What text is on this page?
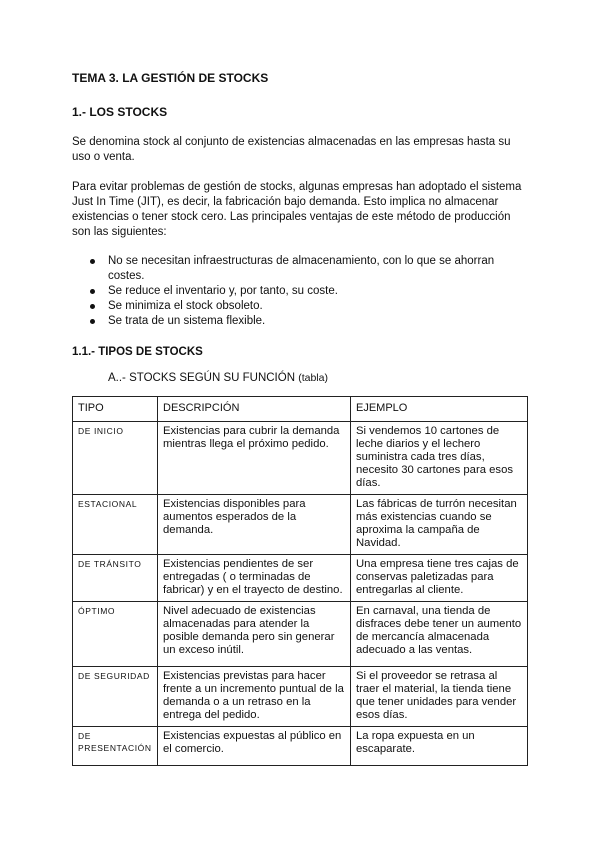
TEMA 3. LA GESTIÓN DE STOCKS
1.- LOS STOCKS

Se denomina stock al conjunto de existencias almacenadas en las empresas hasta su uso o venta.

Para evitar problemas de gestión de stocks, algunas empresas han adoptado el sistema Just In Time (JIT), es decir, la fabricación bajo demanda. Esto implica no almacenar existencias o tener stock cero. Las principales ventajas de este método de producción son las siguientes:

No se necesitan infraestructuras de almacenamiento, con lo que se ahorran costes.
Se reduce el inventario y, por tanto, su coste.
Se minimiza el stock obsoleto.
Se trata de un sistema flexible.
1.1.- TIPOS DE STOCKS

A..- STOCKS SEGÚN SU FUNCIÓN (tabla)

TIPO	DESCRIPCIÓN	EJEMPLO
DE INICIO	Existencias para cubrir la demanda mientras llega el próximo pedido.	Si vendemos 10 cartones de leche diarios y el lechero suministra cada tres días, necesito 30 cartones para esos días.
ESTACIONAL	Existencias disponibles para aumentos esperados de la demanda.	Las fábricas de turrón necesitan más existencias cuando se aproxima la campaña de Navidad.
DE TRÁNSITO	Existencias pendientes de ser entregadas ( o terminadas de fabricar) y en el trayecto de destino.	Una empresa tiene tres cajas de conservas paletizadas para entregarlas al cliente.
ÓPTIMO	Nivel adecuado de existencias almacenadas para atender la posible demanda pero sin generar un exceso inútil.	En carnaval, una tienda de disfraces debe tener un aumento de mercancía almacenada adecuado a las ventas.
DE SEGURIDAD	Existencias previstas para hacer frente a un incremento puntual de la demanda o a un retraso en la entrega del pedido.	Si el proveedor se retrasa al traer el material, la tienda tiene que tener unidades para vender esos días.
DE PRESENTACIÓN	Existencias expuestas al público en el comercio.	La ropa expuesta en un escaparate.
